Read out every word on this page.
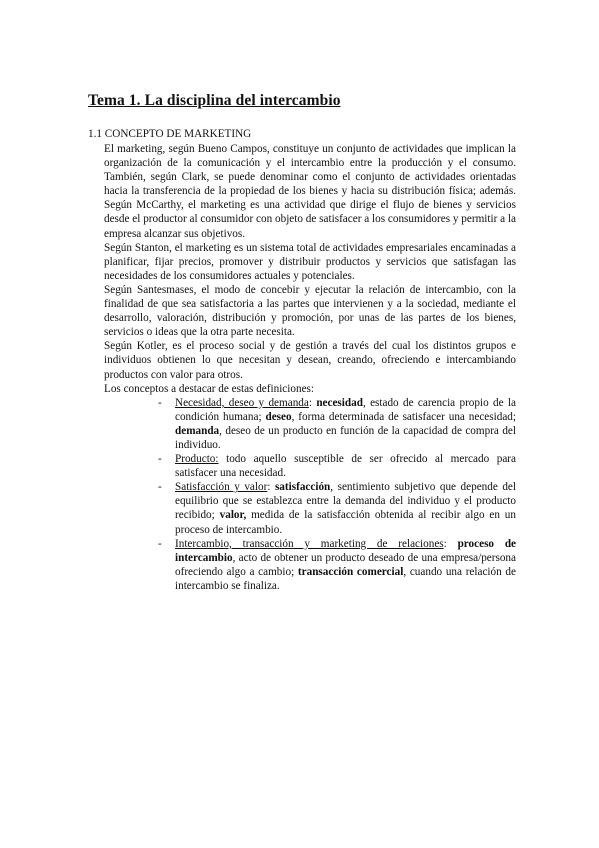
Tema 1. La disciplina del intercambio
1.1 CONCEPTO DE MARKETING

El marketing, según Bueno Campos, constituye un conjunto de actividades que implican la organización de la comunicación y el intercambio entre la producción y el consumo. También, según Clark, se puede denominar como el conjunto de actividades orientadas hacia la transferencia de la propiedad de los bienes y hacia su distribución física; además. Según McCarthy, el marketing es una actividad que dirige el flujo de bienes y servicios desde el productor al consumidor con objeto de satisfacer a los consumidores y permitir a la empresa alcanzar sus objetivos.

Según Stanton, el marketing es un sistema total de actividades empresariales encaminadas a planificar, fijar precios, promover y distribuir productos y servicios que satisfagan las necesidades de los consumidores actuales y potenciales.

Según Santesmases, el modo de concebir y ejecutar la relación de intercambio, con la finalidad de que sea satisfactoria a las partes que intervienen y a la sociedad, mediante el desarrollo, valoración, distribución y promoción, por unas de las partes de los bienes, servicios o ideas que la otra parte necesita.

Según Kotler, es el proceso social y de gestión a través del cual los distintos grupos e individuos obtienen lo que necesitan y desean, creando, ofreciendo e intercambiando productos con valor para otros.

Los conceptos a destacar de estas definiciones:

- Necesidad, deseo y demanda: necesidad, estado de carencia propio de la condición humana; deseo, forma determinada de satisfacer una necesidad; demanda, deseo de un producto en función de la capacidad de compra del individuo.
- Producto: todo aquello susceptible de ser ofrecido al mercado para satisfacer una necesidad.
- Satisfacción y valor: satisfacción, sentimiento subjetivo que depende del equilibrio que se establezca entre la demanda del individuo y el producto recibido; valor, medida de la satisfacción obtenida al recibir algo en un proceso de intercambio.
- Intercambio, transacción y marketing de relaciones: proceso de intercambio, acto de obtener un producto deseado de una empresa/persona ofreciendo algo a cambio; transacción comercial, cuando una relación de intercambio se finaliza.
